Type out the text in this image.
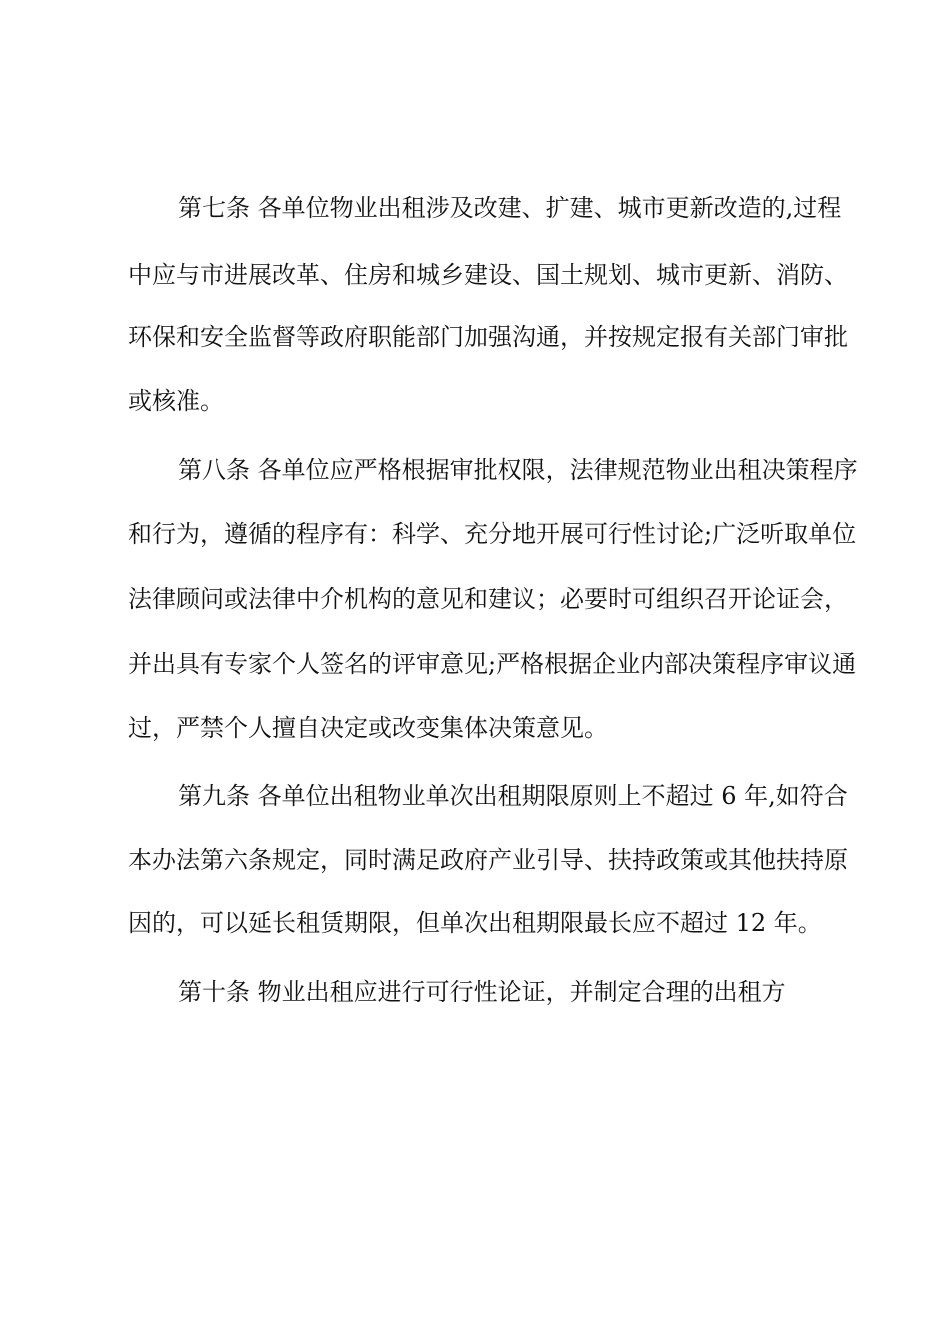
第七条 各单位物业出租涉及改建、扩建、城市更新改造的,过程
中应与市进展改革、住房和城乡建设、国土规划、城市更新、消防、
环保和安全监督等政府职能部门加强沟通，并按规定报有关部门审批
或核准。
第八条 各单位应严格根据审批权限，法律规范物业出租决策程序
和行为，遵循的程序有：科学、充分地开展可行性讨论;广泛听取单位
法律顾问或法律中介机构的意见和建议；必要时可组织召开论证会，
并出具有专家个人签名的评审意见;严格根据企业内部决策程序审议通
过，严禁个人擅自决定或改变集体决策意见。
第九条 各单位出租物业单次出租期限原则上不超过 6 年,如符合
本办法第六条规定，同时满足政府产业引导、扶持政策或其他扶持原
因的，可以延长租赁期限，但单次出租期限最长应不超过 12 年。
第十条 物业出租应进行可行性论证，并制定合理的出租方
